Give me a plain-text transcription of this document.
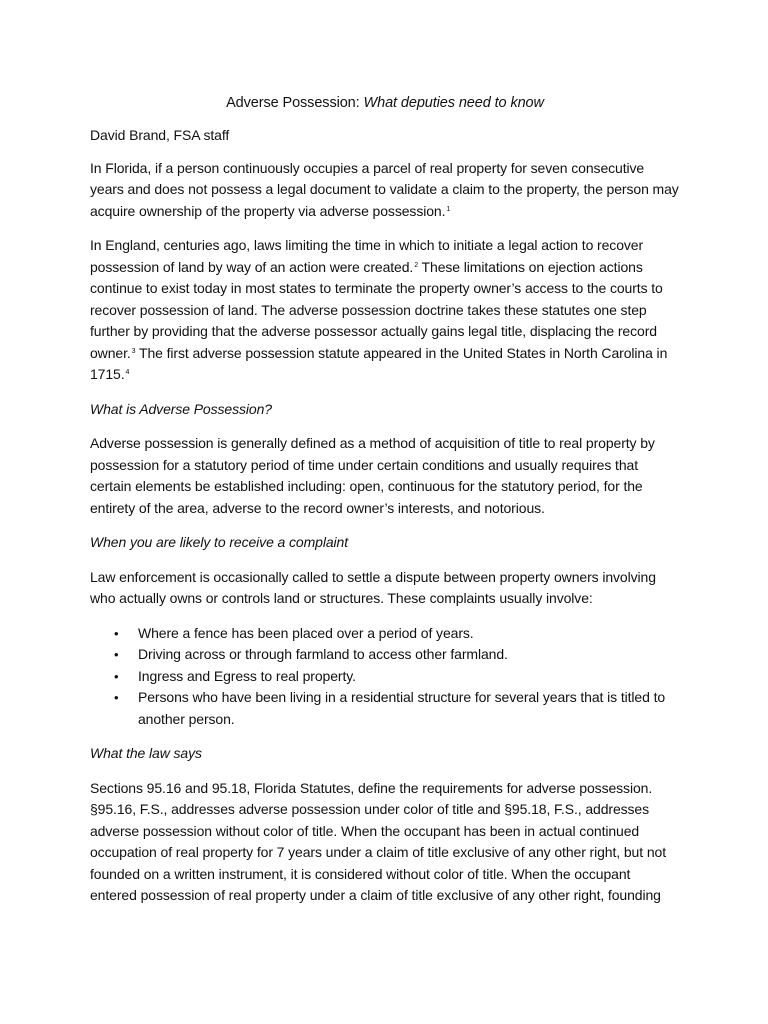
Adverse Possession: What deputies need to know
David Brand, FSA staff

In Florida, if a person continuously occupies a parcel of real property for seven consecutive years and does not possess a legal document to validate a claim to the property, the person may acquire ownership of the property via adverse possession.$^1$

In England, centuries ago, laws limiting the time in which to initiate a legal action to recover possession of land by way of an action were created.$^2$ These limitations on ejection actions continue to exist today in most states to terminate the property owner’s access to the courts to recover possession of land. The adverse possession doctrine takes these statutes one step further by providing that the adverse possessor actually gains legal title, displacing the record owner.$^3$ The first adverse possession statute appeared in the United States in North Carolina in 1715.$^4$

What is Adverse Possession?

Adverse possession is generally defined as a method of acquisition of title to real property by possession for a statutory period of time under certain conditions and usually requires that certain elements be established including: open, continuous for the statutory period, for the entirety of the area, adverse to the record owner’s interests, and notorious.

When you are likely to receive a complaint

Law enforcement is occasionally called to settle a dispute between property owners involving who actually owns or controls land or structures. These complaints usually involve:

• Where a fence has been placed over a period of years.
• Driving across or through farmland to access other farmland.
• Ingress and Egress to real property.
• Persons who have been living in a residential structure for several years that is titled to another person.
What the law says

Sections 95.16 and 95.18, Florida Statutes, define the requirements for adverse possession. §95.16, F.S., addresses adverse possession under color of title and §95.18, F.S., addresses adverse possession without color of title. When the occupant has been in actual continued occupation of real property for 7 years under a claim of title exclusive of any other right, but not founded on a written instrument, it is considered without color of title. When the occupant entered possession of real property under a claim of title exclusive of any other right, founding
